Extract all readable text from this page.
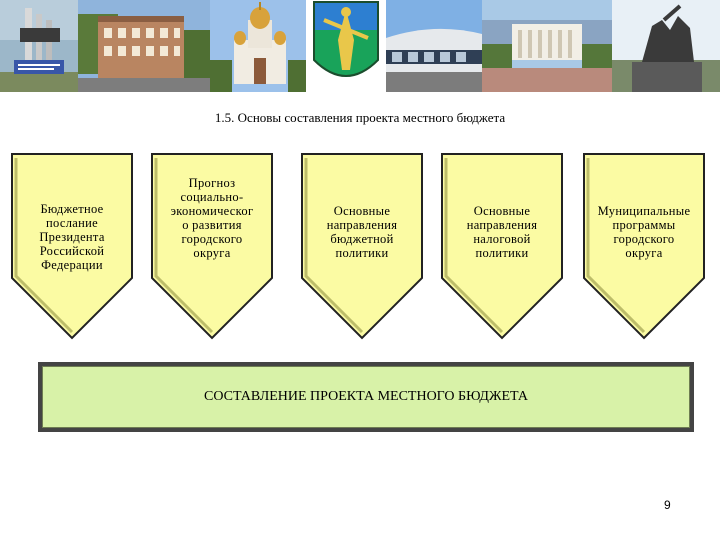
1.5. Основы составления проекта местного бюджета
Бюджетное
послание
Президента
Российской
Федерации
Прогноз
социально-
экономическог
о развития
городского
округа
Основные
направления
бюджетной
политики
Основные
направления
налоговой
политики
Муниципальные
программы
городского
округа
СОСТАВЛЕНИЕ ПРОЕКТА МЕСТНОГО БЮДЖЕТА
9
